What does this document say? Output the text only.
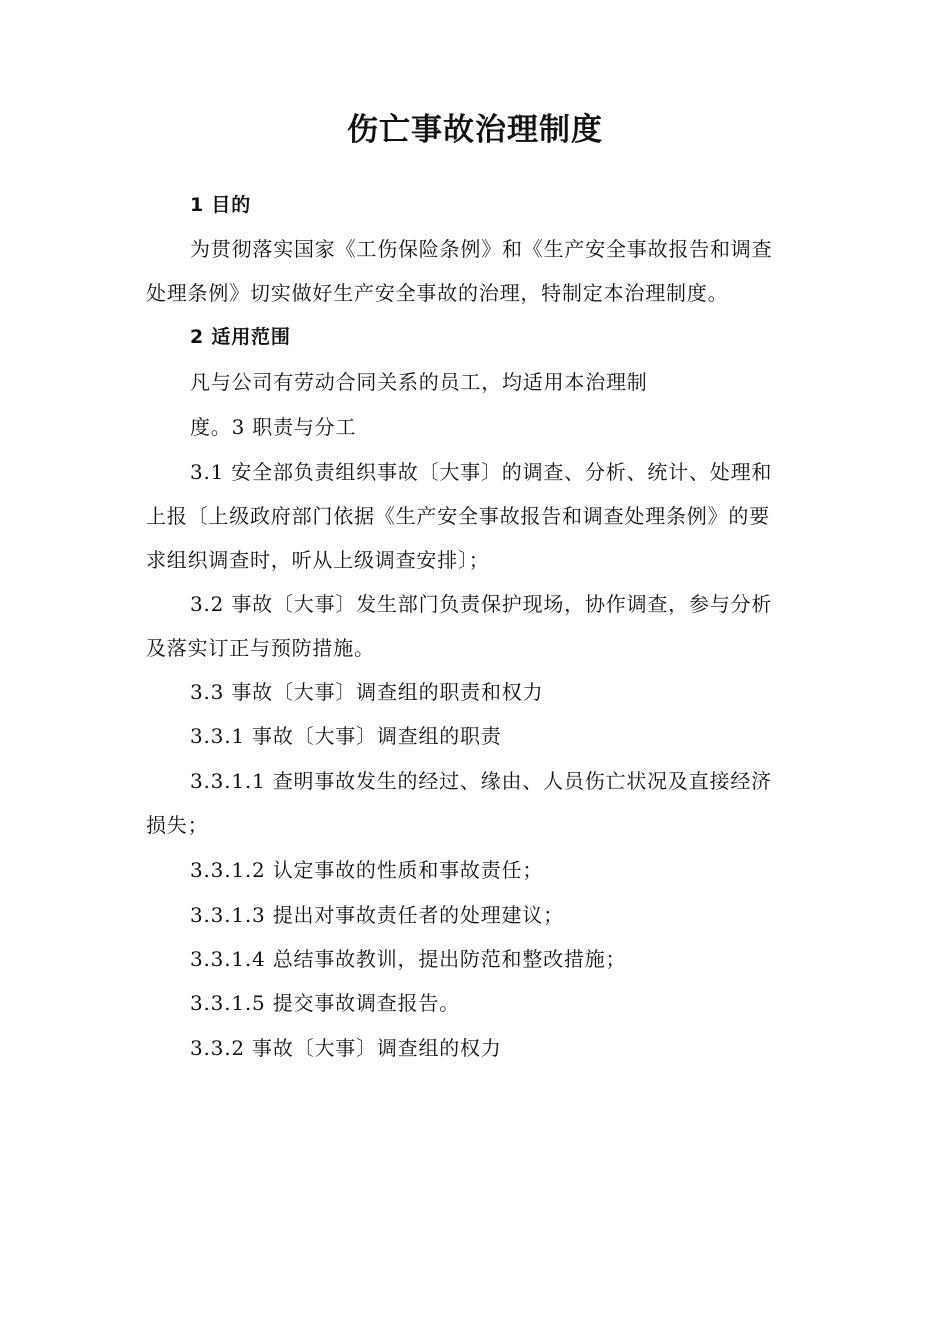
伤亡事故治理制度
1 目的
为贯彻落实国家《工伤保险条例》和《生产安全事故报告和调查
处理条例》切实做好生产安全事故的治理，特制定本治理制度。
2 适用范围
凡与公司有劳动合同关系的员工，均适用本治理制
度。3 职责与分工
3.1 安全部负责组织事故〔大事〕的调查、分析、统计、处理和
上报〔上级政府部门依据《生产安全事故报告和调查处理条例》的要
求组织调查时，听从上级调查安排〕；
3.2 事故〔大事〕发生部门负责保护现场，协作调查，参与分析
及落实订正与预防措施。
3.3 事故〔大事〕调查组的职责和权力
3.3.1 事故〔大事〕调查组的职责
3.3.1.1 查明事故发生的经过、缘由、人员伤亡状况及直接经济
损失；
3.3.1.2 认定事故的性质和事故责任；
3.3.1.3 提出对事故责任者的处理建议；
3.3.1.4 总结事故教训，提出防范和整改措施；
3.3.1.5 提交事故调查报告。
3.3.2 事故〔大事〕调查组的权力
